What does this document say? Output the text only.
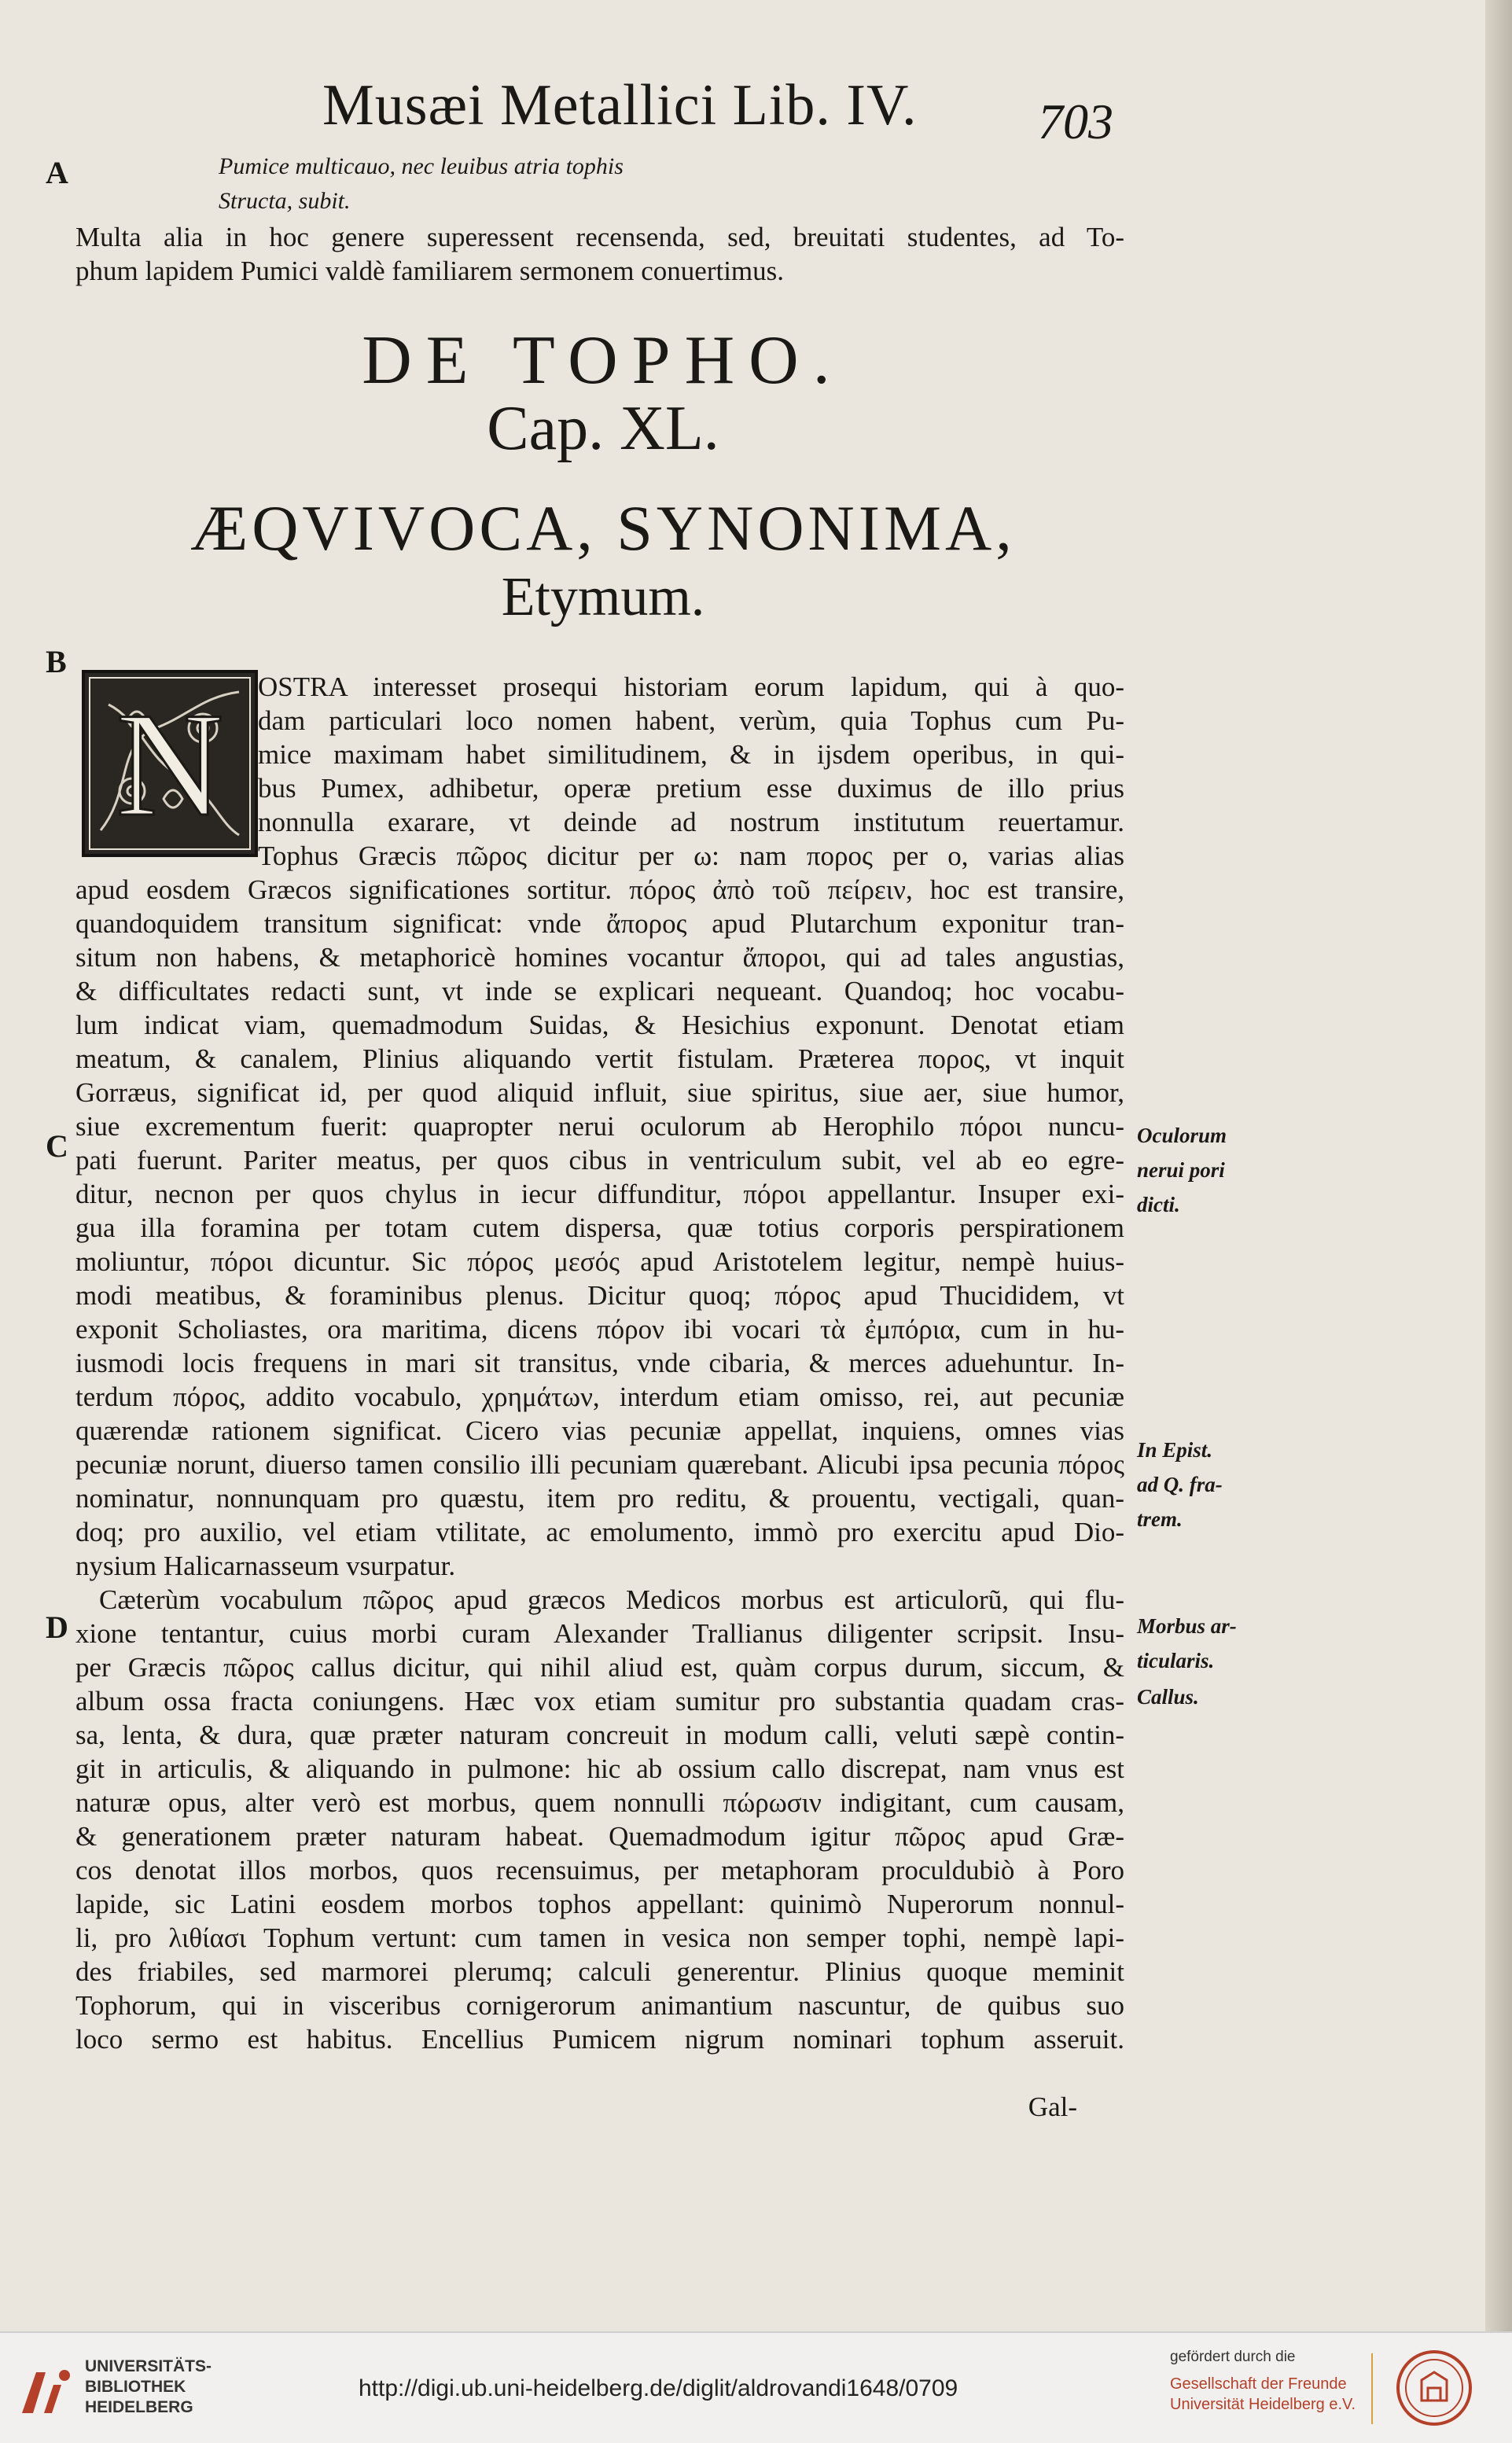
Musæi Metallici Lib. IV. 703
A
B
C
D
Pumice multicauo, nec leuibus atria tophis
Structa, subit.
Multa alia in hoc genere superessent recensenda, sed, breuitati studentes, ad To-
phum lapidem Pumici valdè familiarem sermonem conuertimus.
DE TOPHO.
Cap. XL.
ÆQVIVOCA, SYNONIMA,
Etymum.
N	OSTRA interesset prosequi historiam eorum lapidum, qui à quo-
dam particulari loco nomen habent, verùm, quia Tophus cum Pu-
mice maximam habet similitudinem, & in ijsdem operibus, in qui-
bus Pumex, adhibetur, operæ pretium esse duximus de illo prius
nonnulla exarare, vt deinde ad nostrum institutum reuertamur.
Tophus Græcis πῶρος dicitur per ω: nam πορος per ο, varias alias
apud eosdem Græcos significationes sortitur. πόρος ἀπὸ τοῦ πείρειν, hoc est transire,
quandoquidem transitum significat: vnde ἄπορος apud Plutarchum exponitur tran-
situm non habens, & metaphoricè homines vocantur ἄποροι, qui ad tales angustias,
& difficultates redacti sunt, vt inde se explicari nequeant. Quandoq; hoc vocabu-
lum indicat viam, quemadmodum Suidas, & Hesichius exponunt. Denotat etiam
meatum, & canalem, Plinius aliquando vertit fistulam. Præterea πορος, vt inquit
Gorræus, significat id, per quod aliquid influit, siue spiritus, siue aer, siue humor,
siue excrementum fuerit: quapropter nerui oculorum ab Herophilo πόροι nuncu-
pati fuerunt. Pariter meatus, per quos cibus in ventriculum subit, vel ab eo egre-
ditur, necnon per quos chylus in iecur diffunditur, πόροι appellantur. Insuper exi-
gua illa foramina per totam cutem dispersa, quæ totius corporis perspirationem
moliuntur, πόροι dicuntur. Sic πόρος μεσός apud Aristotelem legitur, nempè huius-
modi meatibus, & foraminibus plenus. Dicitur quoq; πόρος apud Thucididem, vt
exponit Scholiastes, ora maritima, dicens πόρον ibi vocari τὰ ἐμπόρια, cum in hu-
iusmodi locis frequens in mari sit transitus, vnde cibaria, & merces aduehuntur. In-
terdum πόρος, addito vocabulo, χρημάτων, interdum etiam omisso, rei, aut pecuniæ
quærendæ rationem significat. Cicero vias pecuniæ appellat, inquiens, omnes vias
pecuniæ norunt, diuerso tamen consilio illi pecuniam quærebant. Alicubi ipsa pecunia πόρος
nominatur, nonnunquam pro quæstu, item pro reditu, & prouentu, vectigali, quan-
doq; pro auxilio, vel etiam vtilitate, ac emolumento, immò pro exercitu apud Dio-
nysium Halicarnasseum vsurpatur.
Cæterùm vocabulum πῶρος apud græcos Medicos morbus est articulorũ, qui flu-
xione tentantur, cuius morbi curam Alexander Trallianus diligenter scripsit. Insu-
per Græcis πῶρος callus dicitur, qui nihil aliud est, quàm corpus durum, siccum, &
album ossa fracta coniungens. Hæc vox etiam sumitur pro substantia quadam cras-
sa, lenta, & dura, quæ præter naturam concreuit in modum calli, veluti sæpè contin-
git in articulis, & aliquando in pulmone: hic ab ossium callo discrepat, nam vnus est
naturæ opus, alter verò est morbus, quem nonnulli πώρωσιν indigitant, cum causam,
& generationem præter naturam habeat. Quemadmodum igitur πῶρος apud Græ-
cos denotat illos morbos, quos recensuimus, per metaphoram proculdubiò à Poro
lapide, sic Latini eosdem morbos tophos appellant: quinimò Nuperorum nonnul-
li, pro λιθίασι Tophum vertunt: cum tamen in vesica non semper tophi, nempè lapi-
des friabiles, sed marmorei plerumq; calculi generentur. Plinius quoque meminit
Tophorum, qui in visceribus cornigerorum animantium nascuntur, de quibus suo
loco sermo est habitus. Encellius Pumicem nigrum nominari tophum asseruit.
Gal-
Oculorum
nerui pori
dicti.
In Epist.
ad Q. fra-
trem.
Morbus ar-
ticularis.
Callus.
UNIVERSITÄTS-
BIBLIOTHEK
HEIDELBERG
http://digi.ub.uni-heidelberg.de/diglit/aldrovandi1648/0709
gefördert durch die
Gesellschaft der Freunde
Universität Heidelberg e.V.
